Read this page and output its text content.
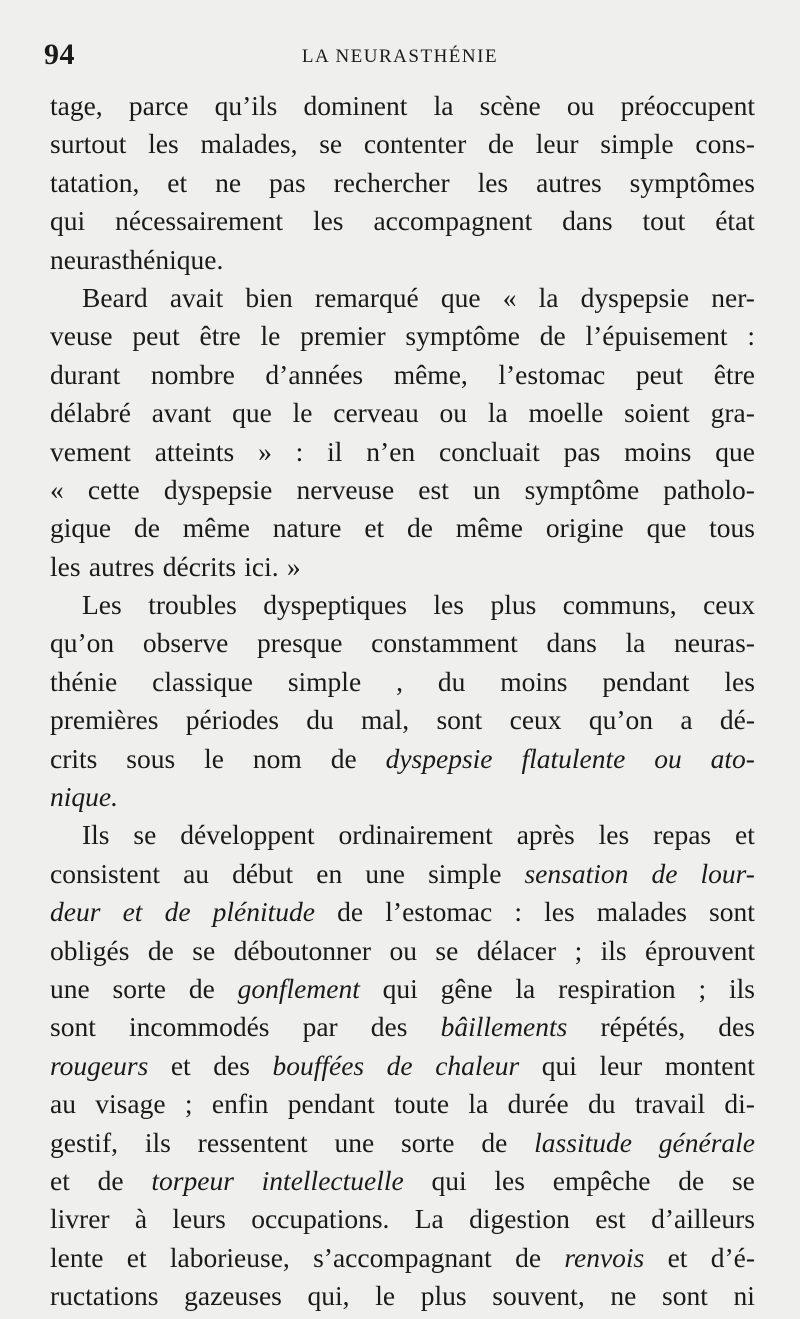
94	LA NEURASTHÉNIE
tage, parce qu’ils dominent la scène ou préoccupent
surtout les malades, se contenter de leur simple cons-
tatation, et ne pas rechercher les autres symptômes
qui nécessairement les accompagnent dans tout état
neurasthénique.
Beard avait bien remarqué que « la dyspepsie ner-
veuse peut être le premier symptôme de l’épuisement :
durant nombre d’années même, l’estomac peut être
délabré avant que le cerveau ou la moelle soient gra-
vement atteints » : il n’en concluait pas moins que
« cette dyspepsie nerveuse est un symptôme patholo-
gique de même nature et de même origine que tous
les autres décrits ici. »
Les troubles dyspeptiques les plus communs, ceux
qu’on observe presque constamment dans la neuras-
thénie classique simple , du moins pendant les
premières périodes du mal, sont ceux qu’on a dé-
crits sous le nom de dyspepsie flatulente ou ato-
nique.
Ils se développent ordinairement après les repas et
consistent au début en une simple sensation de lour-
deur et de plénitude de l’estomac : les malades sont
obligés de se déboutonner ou se délacer ; ils éprouvent
une sorte de gonflement qui gêne la respiration ; ils
sont incommodés par des bâillements répétés, des
rougeurs et des bouffées de chaleur qui leur montent
au visage ; enfin pendant toute la durée du travail di-
gestif, ils ressentent une sorte de lassitude générale
et de torpeur intellectuelle qui les empêche de se
livrer à leurs occupations. La digestion est d’ailleurs
lente et laborieuse, s’accompagnant de renvois et d’é-
ructations gazeuses qui, le plus souvent, ne sont ni
